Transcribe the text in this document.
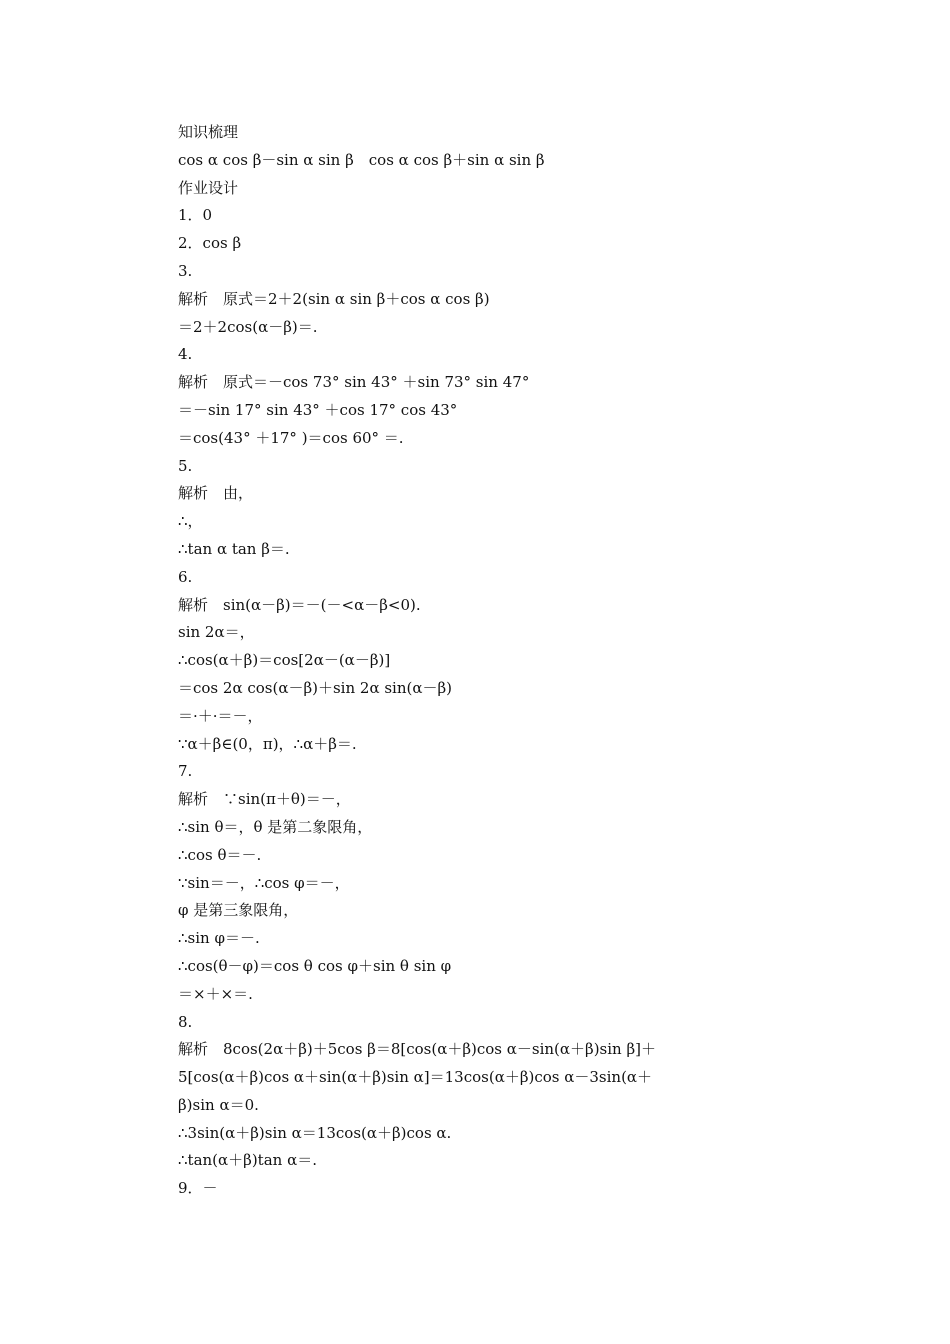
知识梳理
cos α cos β－sin α sin β　cos α cos β＋sin α sin β
作业设计
1．0
2．cos β
3.
解析　原式＝2＋2(sin α sin β＋cos α cos β)
＝2＋2cos(α－β)＝.
4.
解析　原式＝－cos 73° sin 43° ＋sin 73° sin 47°
＝－sin 17° sin 43° ＋cos 17° cos 43°
＝cos(43° ＋17° )＝cos 60° ＝.
5.
解析　由，
∴，
∴tan α tan β＝.
6.
解析　sin(α－β)＝－(－<α－β<0).
sin 2α＝，
∴cos(α＋β)＝cos[2α－(α－β)]
＝cos 2α cos(α－β)＋sin 2α sin(α－β)
＝·＋·＝－，
∵α＋β∈(0，π)，∴α＋β＝.
7.
解析　∵sin(π＋θ)＝－，
∴sin θ＝，θ 是第二象限角，
∴cos θ＝－.
∵sin＝－，∴cos φ＝－，
φ 是第三象限角，
∴sin φ＝－.
∴cos(θ－φ)＝cos θ cos φ＋sin θ sin φ
＝×＋×＝.
8.
解析　8cos(2α＋β)＋5cos β＝8[cos(α＋β)cos α－sin(α＋β)sin β]＋
5[cos(α＋β)cos α＋sin(α＋β)sin α]＝13cos(α＋β)cos α－3sin(α＋
β)sin α＝0.
∴3sin(α＋β)sin α＝13cos(α＋β)cos α.
∴tan(α＋β)tan α＝.
9．－
